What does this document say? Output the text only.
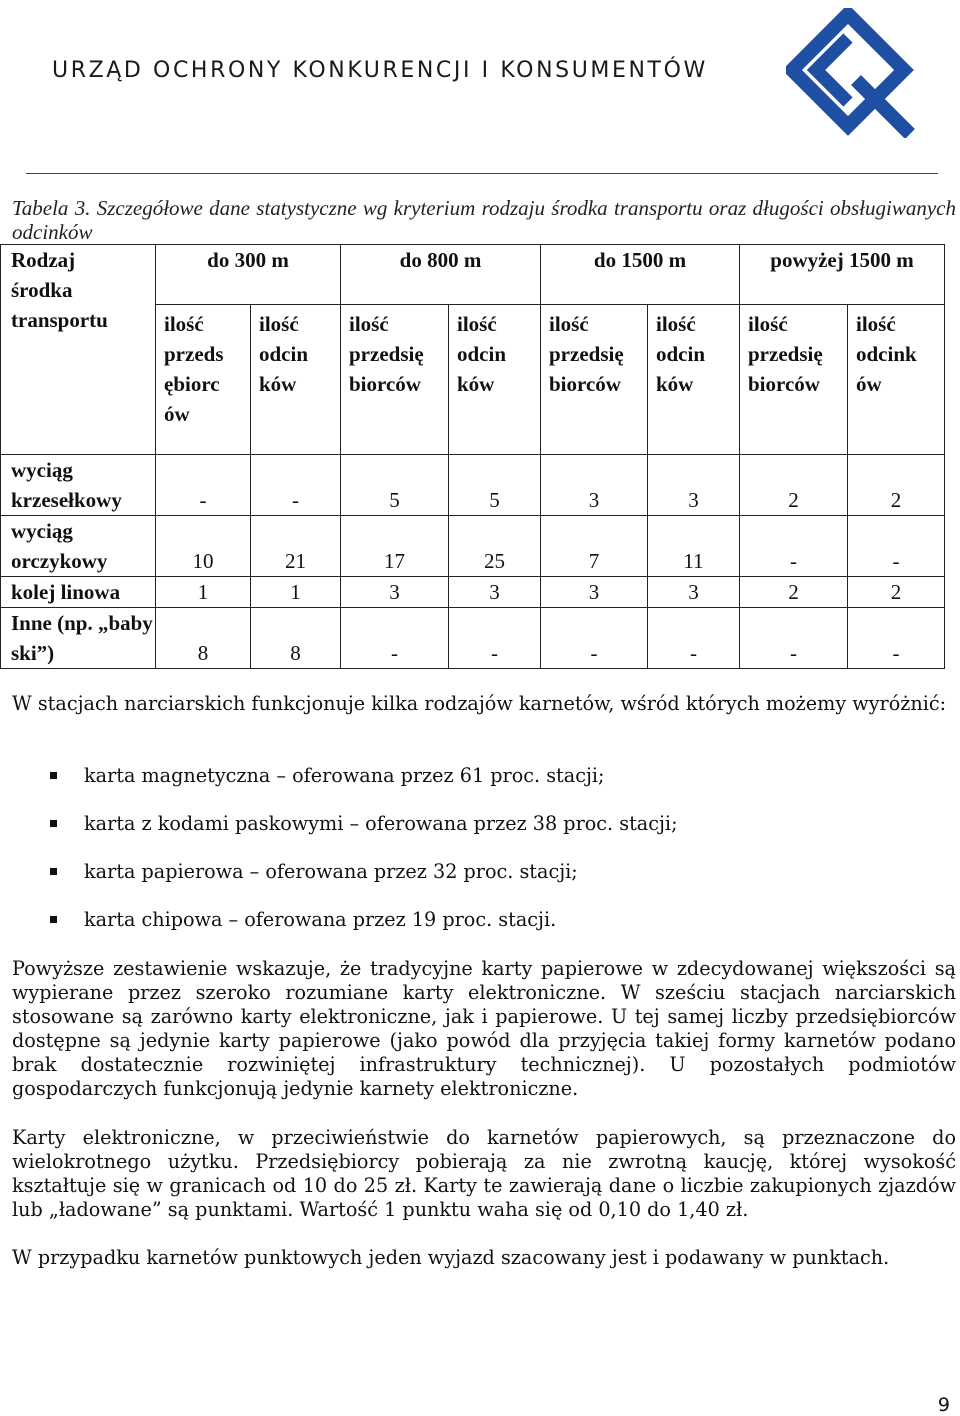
URZĄD OCHRONY KONKURENCJI I KONSUMENTÓW
Tabela 3. Szczegółowe dane statystyczne wg kryterium rodzaju środka transportu oraz długości obsługiwanych odcinków
Rodzaj
środka
transportu	do 300 m		do 800 m		do 1500 m		powyżej 1500 m	
	ilość przeds ębiorc ów	ilość odcin ków	ilość przedsię biorców	ilość odcin ków	ilość przedsię biorców	ilość odcin ków	ilość przedsię biorców	ilość odcink ów
wyciąg krzesełkowy	-	-	5	5	3	3	2	2
wyciąg orczykowy	10	21	17	25	7	11	-	-
kolej linowa	1	1	3	3	3	3	2	2
Inne (np. „baby ski”)	8	8	-	-	-	-	-	-

W stacjach narciarskich funkcjonuje kilka rodzajów karnetów, wśród których możemy wyróżnić:

karta magnetyczna – oferowana przez 61 proc. stacji;
karta z kodami paskowymi – oferowana przez 38 proc. stacji;
karta papierowa – oferowana przez 32 proc. stacji;
karta chipowa – oferowana przez 19 proc. stacji.

Powyższe zestawienie wskazuje, że tradycyjne karty papierowe w zdecydowanej większości są wypierane przez szeroko rozumiane karty elektroniczne. W sześciu stacjach narciarskich stosowane są zarówno karty elektroniczne, jak i papierowe. U tej samej liczby przedsiębiorców dostępne są jedynie karty papierowe (jako powód dla przyjęcia takiej formy karnetów podano brak dostatecznie rozwiniętej infrastruktury technicznej). U pozostałych podmiotów gospodarczych funkcjonują jedynie karnety elektroniczne.

Karty elektroniczne, w przeciwieństwie do karnetów papierowych, są przeznaczone do wielokrotnego użytku. Przedsiębiorcy pobierają za nie zwrotną kaucję, której wysokość kształtuje się w granicach od 10 do 25 zł. Karty te zawierają dane o liczbie zakupionych zjazdów lub „ładowane” są punktami. Wartość 1 punktu waha się od 0,10 do 1,40 zł.

W przypadku karnetów punktowych jeden wyjazd szacowany jest i podawany w punktach.

9
